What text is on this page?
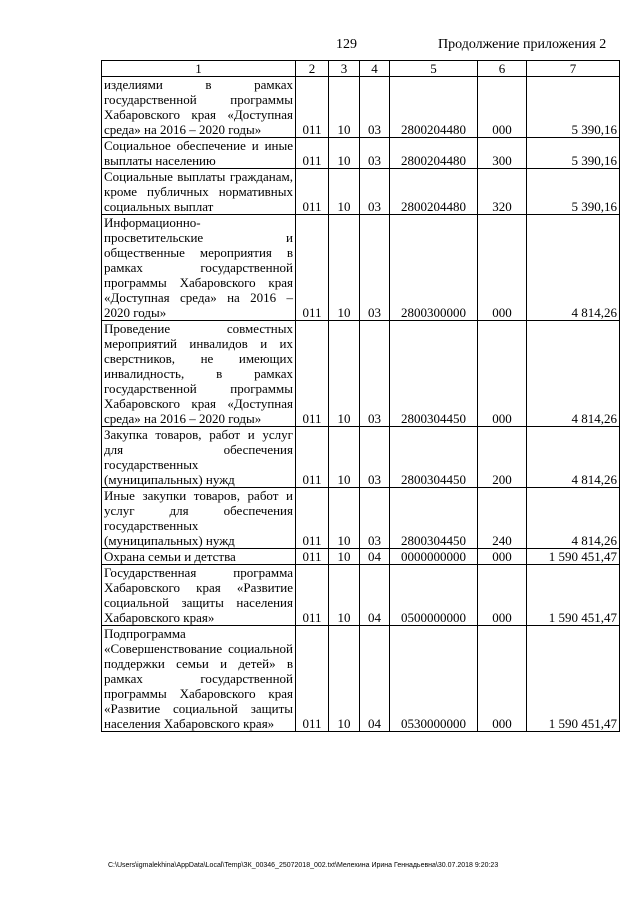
129	Продолжение приложения 2
1	2	3	4	5	6	7
изделиями в рамках государственной программы Хабаровского края «Доступная среда» на 2016 – 2020 годы»	011	10	03	2800204480	000	5 390,16
Социальное обеспечение и иные выплаты населению	011	10	03	2800204480	300	5 390,16
Социальные выплаты гражданам, кроме публичных нормативных социальных выплат	011	10	03	2800204480	320	5 390,16
Информационно-просветительские и общественные мероприятия в рамках государственной программы Хабаровского края «Доступная среда» на 2016 – 2020 годы»	011	10	03	2800300000	000	4 814,26
Проведение совместных мероприятий инвалидов и их сверстников, не имеющих инвалидность, в рамках государственной программы Хабаровского края «Доступная среда» на 2016 – 2020 годы»	011	10	03	2800304450	000	4 814,26
Закупка товаров, работ и услуг для обеспечения государственных (муниципальных) нужд	011	10	03	2800304450	200	4 814,26
Иные закупки товаров, работ и услуг для обеспечения государственных (муниципальных) нужд	011	10	03	2800304450	240	4 814,26
Охрана семьи и детства	011	10	04	0000000000	000	1 590 451,47
Государственная программа Хабаровского края «Развитие социальной защиты населения Хабаровского края»	011	10	04	0500000000	000	1 590 451,47
Подпрограмма «Совершенствование социальной поддержки семьи и детей» в рамках государственной программы Хабаровского края «Развитие социальной защиты населения Хабаровского края»	011	10	04	0530000000	000	1 590 451,47
C:\Users\igmalekhina\AppData\Local\Temp\ЗК_00346_25072018_002.txt\Мелехина Ирина Геннадьевна\30.07.2018 9:20:23
